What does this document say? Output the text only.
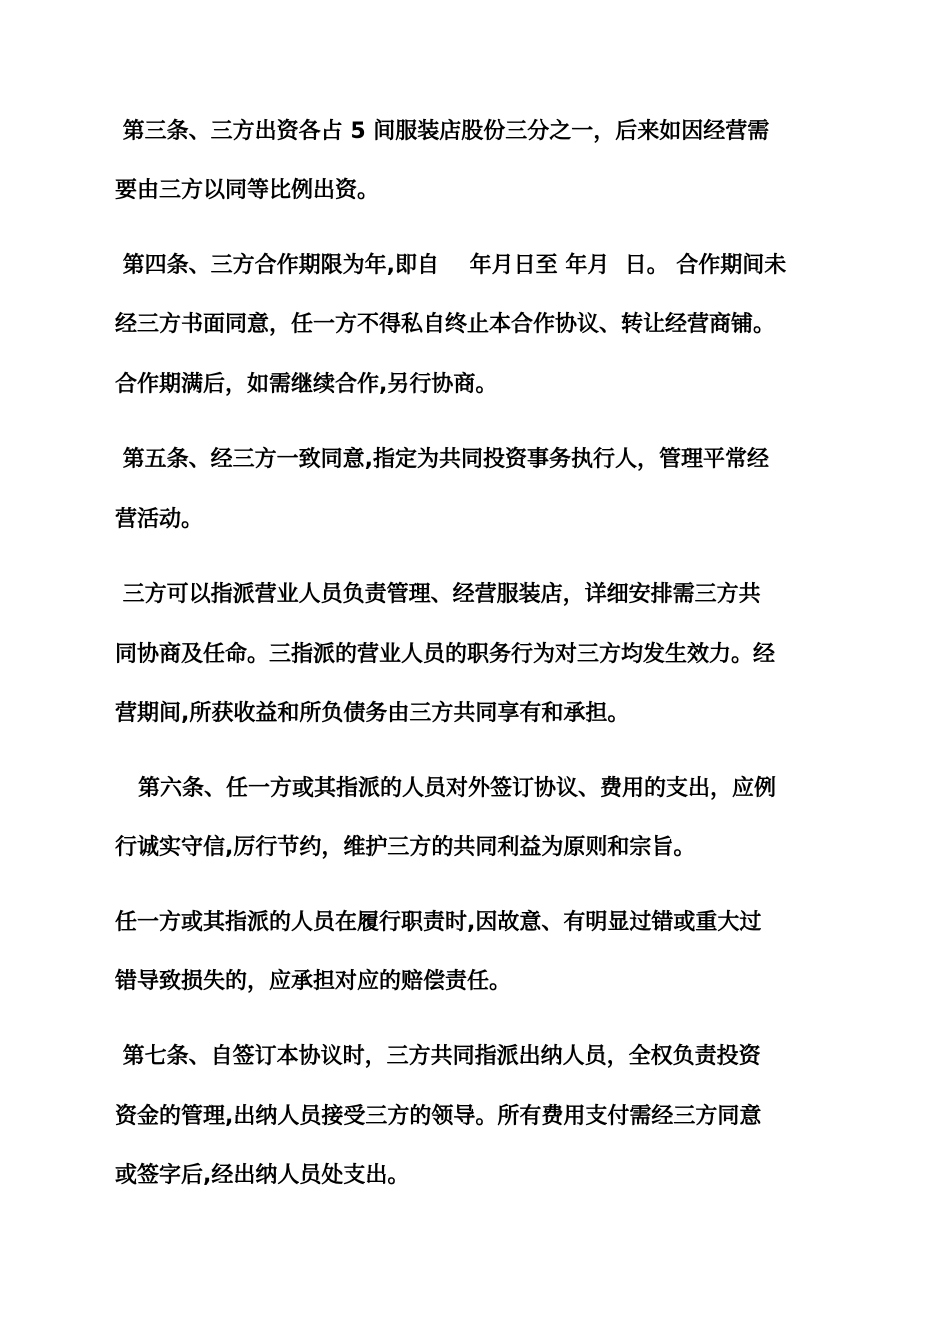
第三条、三方出资各占 5 间服装店股份三分之一，后来如因经营需
要由三方以同等比例出资。
第四条、三方合作期限为年,即自    年月日至 年月  日。 合作期间未
经三方书面同意，任一方不得私自终止本合作协议、转让经营商铺。
合作期满后，如需继续合作,另行协商。
第五条、经三方一致同意,指定为共同投资事务执行人，管理平常经
营活动。
三方可以指派营业人员负责管理、经营服装店，详细安排需三方共
同协商及任命。三指派的营业人员的职务行为对三方均发生效力。经
营期间,所获收益和所负债务由三方共同享有和承担。
第六条、任一方或其指派的人员对外签订协议、费用的支出，应例
行诚实守信,厉行节约，维护三方的共同利益为原则和宗旨。
任一方或其指派的人员在履行职责时,因故意、有明显过错或重大过
错导致损失的，应承担对应的赔偿责任。
第七条、自签订本协议时，三方共同指派出纳人员，全权负责投资
资金的管理,出纳人员接受三方的领导。所有费用支付需经三方同意
或签字后,经出纳人员处支出。
